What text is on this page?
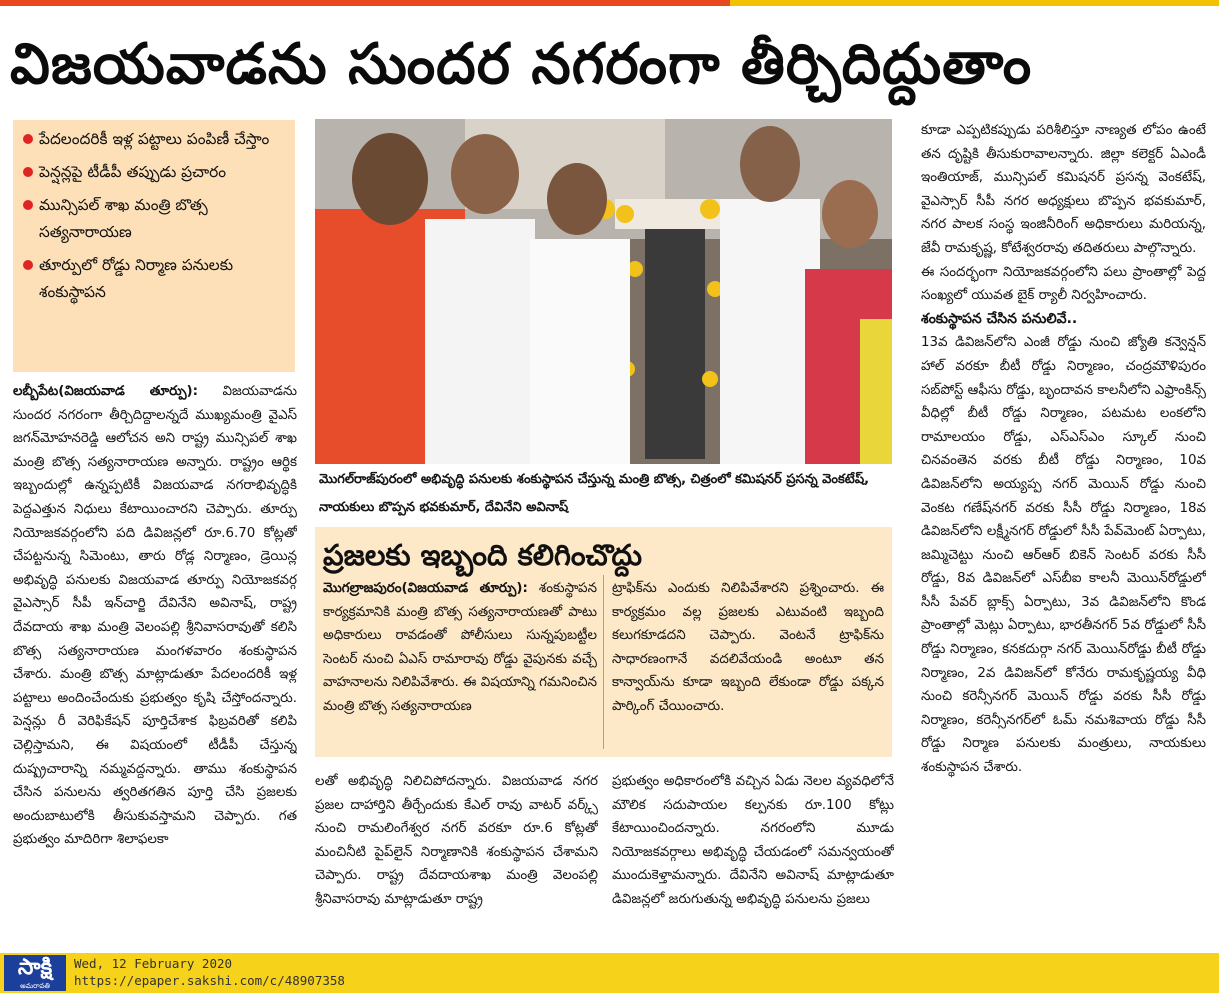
విజయవాడను సుందర నగరంగా తీర్చిదిద్దుతాం
పేదలందరికీ ఇళ్ల పట్టాలు పంపిణీ చేస్తాం
పెన్షన్లపై టీడీపీ తప్పుడు ప్రచారం
మున్సిపల్ శాఖ మంత్రి బొత్స సత్యనారాయణ
తూర్పులో రోడ్డు నిర్మాణ పనులకు శంకుస్థాపన

లబ్బీపేట(విజయవాడ తూర్పు): విజయవాడను సుందర నగరంగా తీర్చిదిద్దాలన్నదే ముఖ్యమంత్రి వైఎస్ జగన్‌మోహనరెడ్డి ఆలోచన అని రాష్ట్ర మున్సిపల్ శాఖ మంత్రి బొత్స సత్యనారాయణ అన్నారు. రాష్ట్రం ఆర్థిక ఇబ్బందుల్లో ఉన్నప్పటికీ విజయవాడ నగరాభివృద్ధికి పెద్దఎత్తున నిధులు కేటాయించారని చెప్పారు. తూర్పు నియోజకవర్గంలోని పది డివిజన్లలో రూ.6.70 కోట్లతో చేపట్టనున్న సిమెంటు, తారు రోడ్ల నిర్మాణం, డ్రెయిన్ల అభివృద్ధి పనులకు విజయవాడ తూర్పు నియోజకవర్గ వైఎస్సార్ సీపీ ఇన్‌చార్జి దేవినేని అవినాష్, రాష్ట్ర దేవదాయ శాఖ మంత్రి వెలంపల్లి శ్రీనివాసరావుతో కలిసి బొత్స సత్యనారాయణ మంగళవారం శంకుస్థాపన చేశారు. మంత్రి బొత్స మాట్లాడుతూ పేదలందరికీ ఇళ్ల పట్టాలు అందించేందుకు ప్రభుత్వం కృషి చేస్తోందన్నారు. పెన్షన్లు రీ వెరిఫికేషన్ పూర్తిచేశాక ఫిబ్రవరితో కలిపి చెల్లిస్తామని, ఈ విషయంలో టీడీపీ చేస్తున్న దుష్ప్రచారాన్ని నమ్మవద్దన్నారు. తాము శంకుస్థాపన చేసిన పనులను త్వరితగతిన పూర్తి చేసి ప్రజలకు అందుబాటులోకి తీసుకువస్తామని చెప్పారు. గత ప్రభుత్వం మాదిరిగా శిలాఫలకా

మొగల్‌రాజ్‌పురంలో అభివృద్ధి పనులకు శంకుస్థాపన చేస్తున్న మంత్రి బొత్స, చిత్రంలో కమిషనర్ ప్రసన్న వెంకటేష్, నాయకులు బొప్పన భవకుమార్, దేవినేని అవినాష్
ప్రజలకు ఇబ్బంది కలిగించొద్దు

మొగల్రాజపురం(విజయవాడ తూర్పు): శంకుస్థాపన కార్యక్రమానికి మంత్రి బొత్స సత్యనారాయణతో పాటు అధికారులు రావడంతో పోలీసులు సున్నపుబట్టీల సెంటర్ నుంచి ఏఎస్ రామారావు రోడ్డు వైపునకు వచ్చే వాహనాలను నిలిపివేశారు. ఈ విషయాన్ని గమనించిన మంత్రి బొత్స సత్యనారాయణ

ట్రాఫిక్‌ను ఎందుకు నిలిపివేశారని ప్రశ్నించారు. ఈ కార్యక్రమం వల్ల ప్రజలకు ఎటువంటి ఇబ్బంది కలుగకూడదని చెప్పారు. వెంటనే ట్రాఫిక్‌ను సాధారణంగానే వదలివేయండి అంటూ తన కాన్వాయ్‌ను కూడా ఇబ్బంది లేకుండా రోడ్డు పక్కన పార్కింగ్ చేయించారు.

లతో అభివృద్ధి నిలిచిపోదన్నారు. విజయవాడ నగర ప్రజల దాహార్తిని తీర్చేందుకు కేఎల్ రావు వాటర్ వర్క్స్ నుంచి రామలింగేశ్వర నగర్ వరకూ రూ.6 కోట్లతో మంచినీటి పైప్‌లైన్ నిర్మాణానికి శంకుస్థాపన చేశామని చెప్పారు. రాష్ట్ర దేవదాయశాఖ మంత్రి వెలంపల్లి శ్రీనివాసరావు మాట్లాడుతూ రాష్ట్ర

ప్రభుత్వం అధికారంలోకి వచ్చిన ఏడు నెలల వ్యవధిలోనే మౌలిక సదుపాయల కల్పనకు రూ.100 కోట్లు కేటాయించిందన్నారు. నగరంలోని మూడు నియోజకవర్గాలు అభివృద్ధి చేయడంలో సమన్వయంతో ముందుకెళ్తామన్నారు. దేవినేని అవినాష్ మాట్లాడుతూ డివిజన్లలో జరుగుతున్న అభివృద్ధి పనులను ప్రజలు

కూడా ఎప్పటికప్పుడు పరిశీలిస్తూ నాణ్యత లోపం ఉంటే తన దృష్టికి తీసుకురావాలన్నారు. జిల్లా కలెక్టర్ ఏఎండీ ఇంతియాజ్, మున్సిపల్ కమిషనర్ ప్రసన్న వెంకటేష్, వైఎస్సార్ సీపీ నగర అధ్యక్షులు బొప్పన భవకుమార్, నగర పాలక సంస్థ ఇంజినీరింగ్ అధికారులు మరియన్న, జేవీ రామకృష్ణ, కోటేశ్వరరావు తదితరులు పాల్గొన్నారు.

ఈ సందర్భంగా నియోజకవర్గంలోని పలు ప్రాంతాల్లో పెద్ద సంఖ్యలో యువత బైక్ ర్యాలీ నిర్వహించారు.

శంకుస్థాపన చేసిన పనులివే..

13వ డివిజన్‌లోని ఎంజీ రోడ్డు నుంచి జ్యోతి కన్వెన్షన్ హాల్ వరకూ బీటీ రోడ్డు నిర్మాణం, చంద్రమౌళిపురం సబ్‌పోస్ట్ ఆఫీసు రోడ్డు, బృందావన కాలనీలోని ఎఫ్రాంకిన్స్ వీధిల్లో బీటీ రోడ్డు నిర్మాణం, పటమట లంకలోని రామాలయం రోడ్డు, ఎస్ఎస్ఎం స్కూల్ నుంచి చినవంతెన వరకు బీటీ రోడ్డు నిర్మాణం, 10వ డివిజన్‌లోని అయ్యప్ప నగర్ మెయిన్ రోడ్డు నుంచి వెంకట గణేష్‌నగర్ వరకు సీసీ రోడ్డు నిర్మాణం, 18వ డివిజన్‌లోని లక్ష్మీనగర్ రోడ్డులో సీసీ పేవ్‌మెంట్ ఏర్పాటు, జమ్మిచెట్టు నుంచి ఆర్‌ఆర్ బికెన్ సెంటర్ వరకు సీసీ రోడ్డు, 8వ డివిజన్‌లో ఎస్‌బీఐ కాలనీ మెయిన్‌రోడ్డులో సీసీ పేవర్ బ్లాక్స్ ఏర్పాటు, 3వ డివిజన్‌లోని కొండ ప్రాంతాల్లో మెట్లు ఏర్పాటు, భారతీనగర్ 5వ రోడ్డులో సీసీ రోడ్డు నిర్మాణం, కనకదుర్గా నగర్ మెయిన్‌రోడ్డు బీటీ రోడ్డు నిర్మాణం, 2వ డివిజన్‌లో కోనేరు రామకృష్ణయ్య వీధి నుంచి కరెన్సీనగర్ మెయిన్ రోడ్డు వరకు సీసీ రోడ్డు నిర్మాణం, కరెన్సీనగర్‌లో ఓమ్ నమశివాయ రోడ్డు సీసీ రోడ్డు నిర్మాణ పనులకు మంత్రులు, నాయకులు శంకుస్థాపన చేశారు.

సాక్షి
అమరావతి
Wed, 12 February 2020
https://epaper.sakshi.com/c/48907358
